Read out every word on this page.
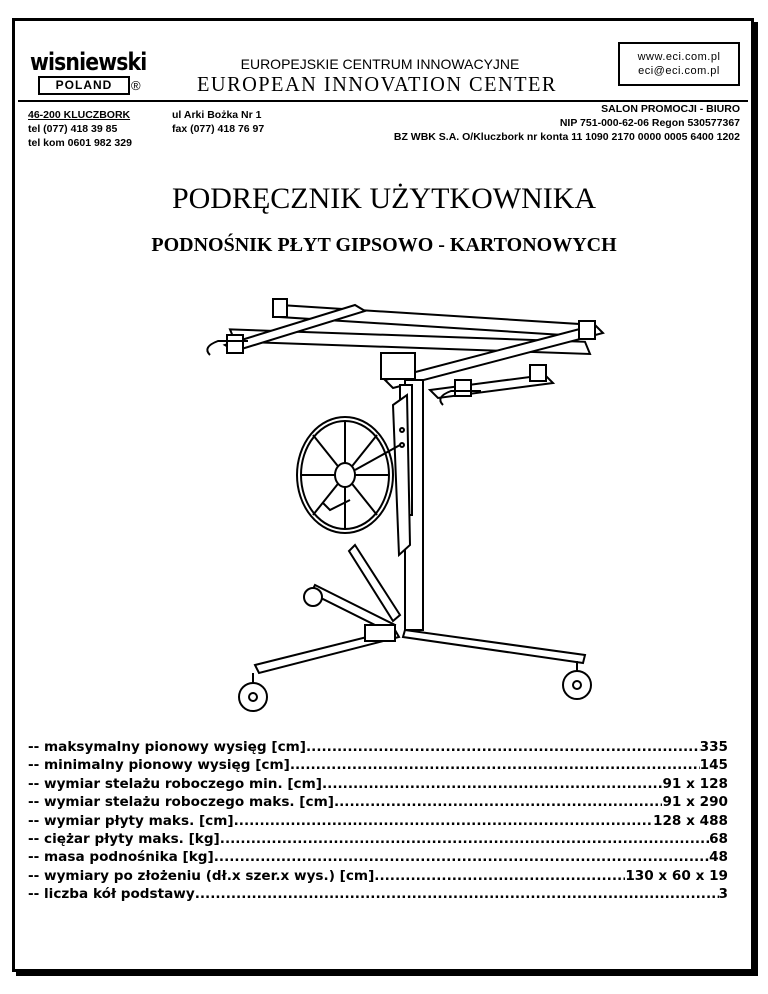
wisniewski
POLAND	®
EUROPEJSKIE CENTRUM INNOWACYJNE
EUROPEAN INNOVATION CENTER
www.eci.com.pl
eci@eci.com.pl
46-200 KLUCZBORK
tel (077) 418 39 85
tel kom 0601 982 329
ul Arki Bożka Nr 1
fax (077) 418 76 97
SALON PROMOCJI - BIURO
NIP 751-000-62-06 Regon 530577367
BZ WBK S.A. O/Kluczbork nr konta 11 1090 2170 0000 0005 6400 1202
PODRĘCZNIK UŻYTKOWNIKA
PODNOŚNIK PŁYT GIPSOWO - KARTONOWYCH
-- maksymalny pionowy wysięg [cm] .....	335
-- minimalny pionowy wysięg [cm] .....	145
-- wymiar stelażu roboczego min. [cm] .....	91 x 128
-- wymiar stelażu roboczego maks. [cm] .....	91 x 290
-- wymiar płyty maks. [cm] .....	128 x 488
-- ciężar płyty maks. [kg] .....	68
-- masa podnośnika [kg] .....	48
-- wymiary po złożeniu (dł.x szer.x wys.) [cm] .....	130 x 60 x 19
-- liczba kół podstawy .....	3
